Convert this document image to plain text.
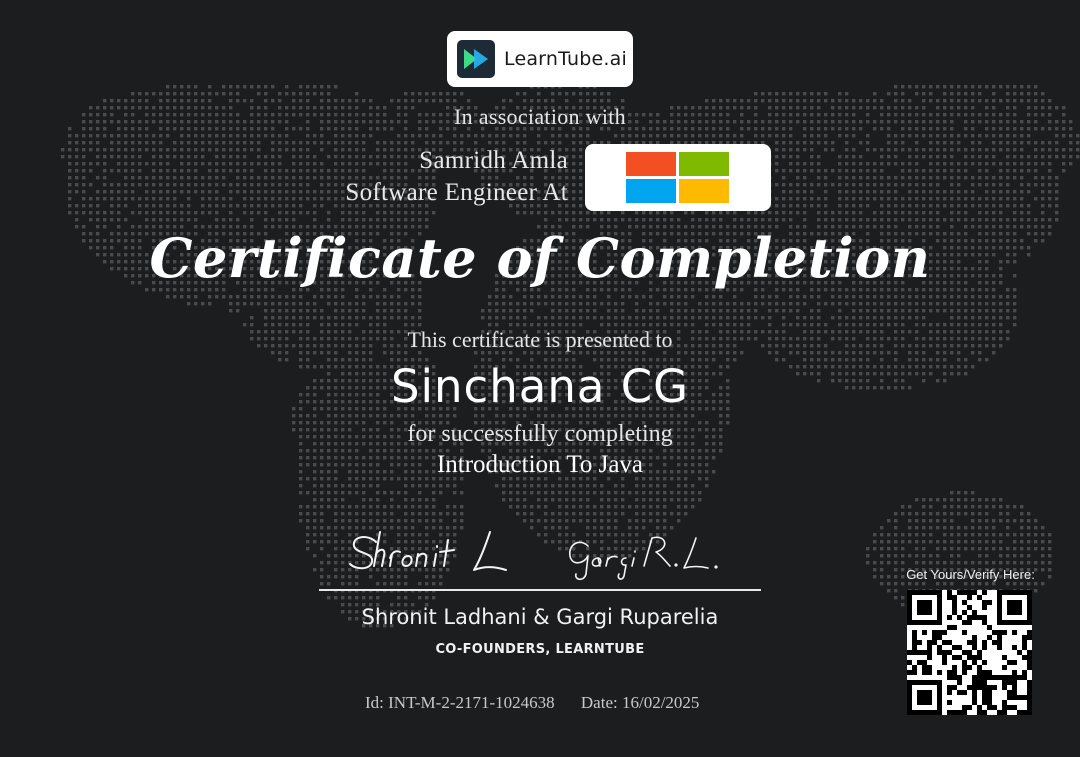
LearnTube.ai
In association with
Samridh Amla
Software Engineer At
Certificate of Completion
This certificate is presented to
Sinchana CG
for successfully completing
Introduction To Java
Shronit Ladhani & Gargi Ruparelia
CO-FOUNDERS, LEARNTUBE
Id: INT-M-2-2171-1024638 Date: 16/02/2025
Get Yours/Verify Here:
